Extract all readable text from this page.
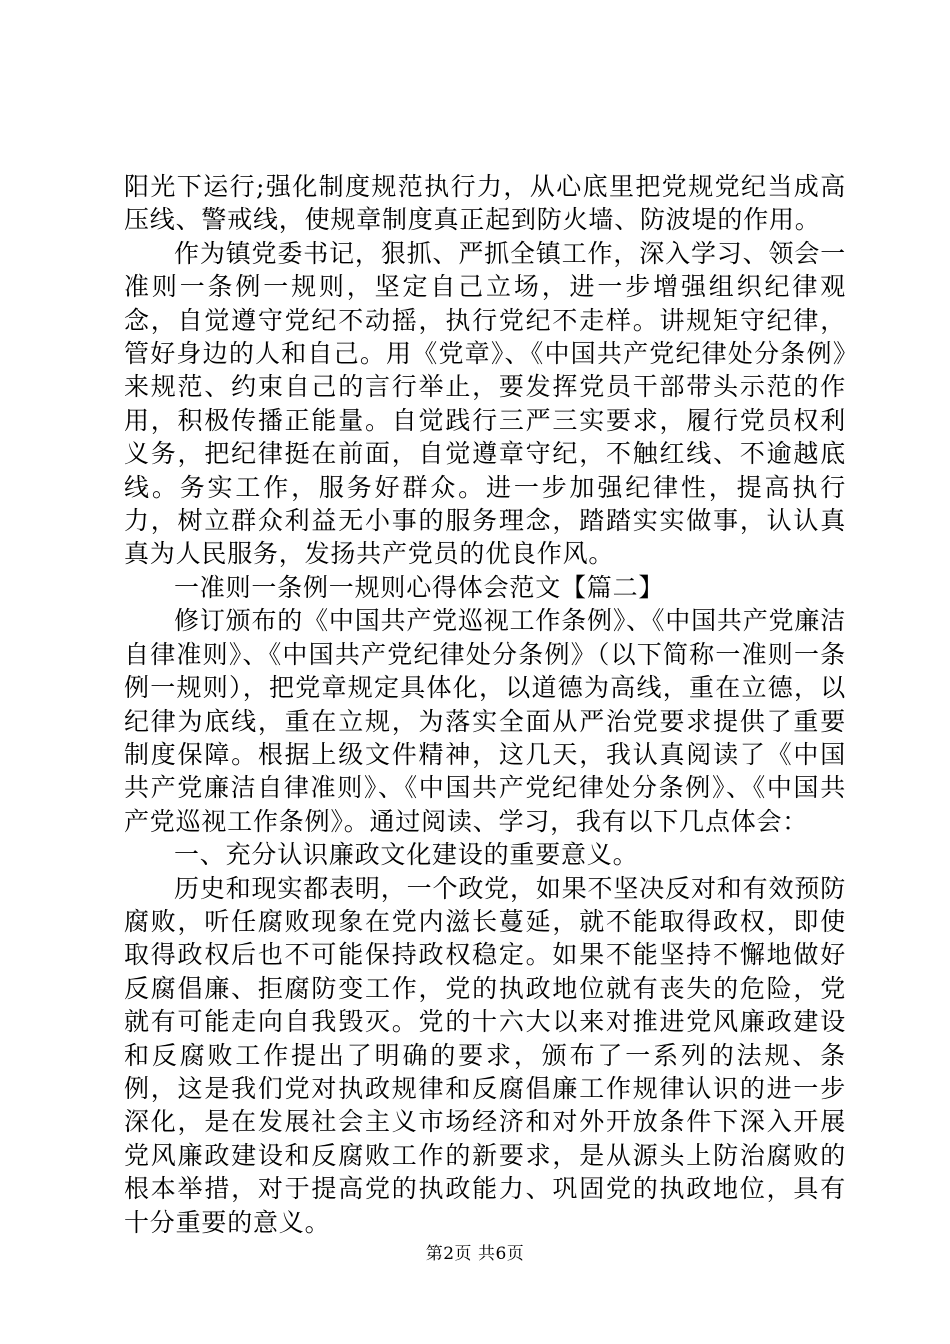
阳光下运行;强化制度规范执行力，从心底里把党规党纪当成高压线、警戒线，使规章制度真正起到防火墙、防波堤的作用。

作为镇党委书记，狠抓、严抓全镇工作，深入学习、领会一准则一条例一规则，坚定自己立场，进一步增强组织纪律观念，自觉遵守党纪不动摇，执行党纪不走样。讲规矩守纪律，管好身边的人和自己。用《党章》、《中国共产党纪律处分条例》来规范、约束自己的言行举止，要发挥党员干部带头示范的作用，积极传播正能量。自觉践行三严三实要求，履行党员权利义务，把纪律挺在前面，自觉遵章守纪，不触红线、不逾越底线。务实工作，服务好群众。进一步加强纪律性，提高执行力，树立群众利益无小事的服务理念，踏踏实实做事，认认真真为人民服务，发扬共产党员的优良作风。

一准则一条例一规则心得体会范文【篇二】

修订颁布的《中国共产党巡视工作条例》、《中国共产党廉洁自律准则》、《中国共产党纪律处分条例》（以下简称一准则一条例一规则），把党章规定具体化，以道德为高线，重在立德，以纪律为底线，重在立规，为落实全面从严治党要求提供了重要制度保障。根据上级文件精神，这几天，我认真阅读了《中国共产党廉洁自律准则》、《中国共产党纪律处分条例》、《中国共产党巡视工作条例》。通过阅读、学习，我有以下几点体会：

一、充分认识廉政文化建设的重要意义。

历史和现实都表明，一个政党，如果不坚决反对和有效预防腐败，听任腐败现象在党内滋长蔓延，就不能取得政权，即使取得政权后也不可能保持政权稳定。如果不能坚持不懈地做好反腐倡廉、拒腐防变工作，党的执政地位就有丧失的危险，党就有可能走向自我毁灭。党的十六大以来对推进党风廉政建设和反腐败工作提出了明确的要求，颁布了一系列的法规、条例，这是我们党对执政规律和反腐倡廉工作规律认识的进一步深化，是在发展社会主义市场经济和对外开放条件下深入开展党风廉政建设和反腐败工作的新要求，是从源头上防治腐败的根本举措，对于提高党的执政能力、巩固党的执政地位，具有十分重要的意义。

第2页 共6页
